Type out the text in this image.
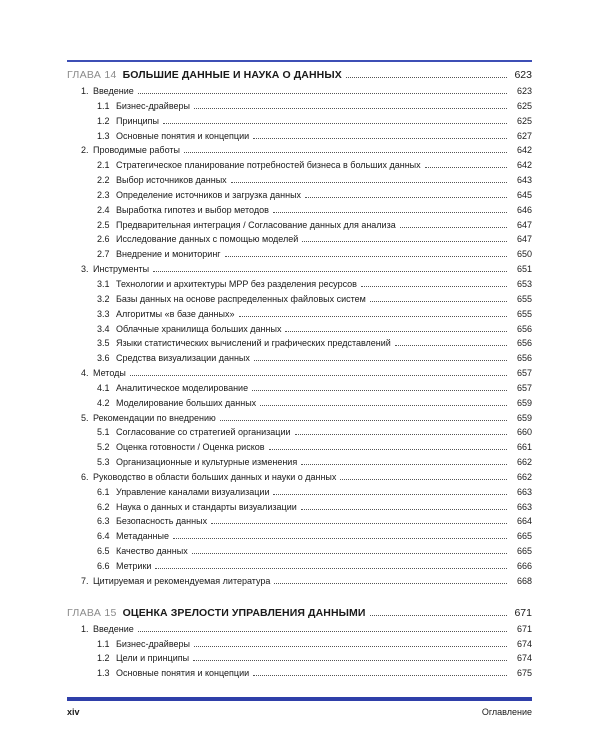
ГЛАВА 14 БОЛЬШИЕ ДАННЫЕ И НАУКА О ДАННЫХ	623
1. Введение	623
1.1 Бизнес-драйверы	625
1.2 Принципы	625
1.3 Основные понятия и концепции	627
2. Проводимые работы	642
2.1 Стратегическое планирование потребностей бизнеса в больших данных	642
2.2 Выбор источников данных	643
2.3 Определение источников и загрузка данных	645
2.4 Выработка гипотез и выбор методов	646
2.5 Предварительная интеграция / Согласование данных для анализа	647
2.6 Исследование данных с помощью моделей	647
2.7 Внедрение и мониторинг	650
3. Инструменты	651
3.1 Технологии и архитектуры MPP без разделения ресурсов	653
3.2 Базы данных на основе распределенных файловых систем	655
3.3 Алгоритмы «в базе данных»	655
3.4 Облачные хранилища больших данных	656
3.5 Языки статистических вычислений и графических представлений	656
3.6 Средства визуализации данных	656
4. Методы	657
4.1 Аналитическое моделирование	657
4.2 Моделирование больших данных	659
5. Рекомендации по внедрению	659
5.1 Согласование со стратегией организации	660
5.2 Оценка готовности / Оценка рисков	661
5.3 Организационные и культурные изменения	662
6. Руководство в области больших данных и науки о данных	662
6.1 Управление каналами визуализации	663
6.2 Наука о данных и стандарты визуализации	663
6.3 Безопасность данных	664
6.4 Метаданные	665
6.5 Качество данных	665
6.6 Метрики	666
7. Цитируемая и рекомендуемая литература	668
ГЛАВА 15 ОЦЕНКА ЗРЕЛОСТИ УПРАВЛЕНИЯ ДАННЫМИ	671
1. Введение	671
1.1 Бизнес-драйверы	674
1.2 Цели и принципы	674
1.3 Основные понятия и концепции	675
xiv	Оглавление
